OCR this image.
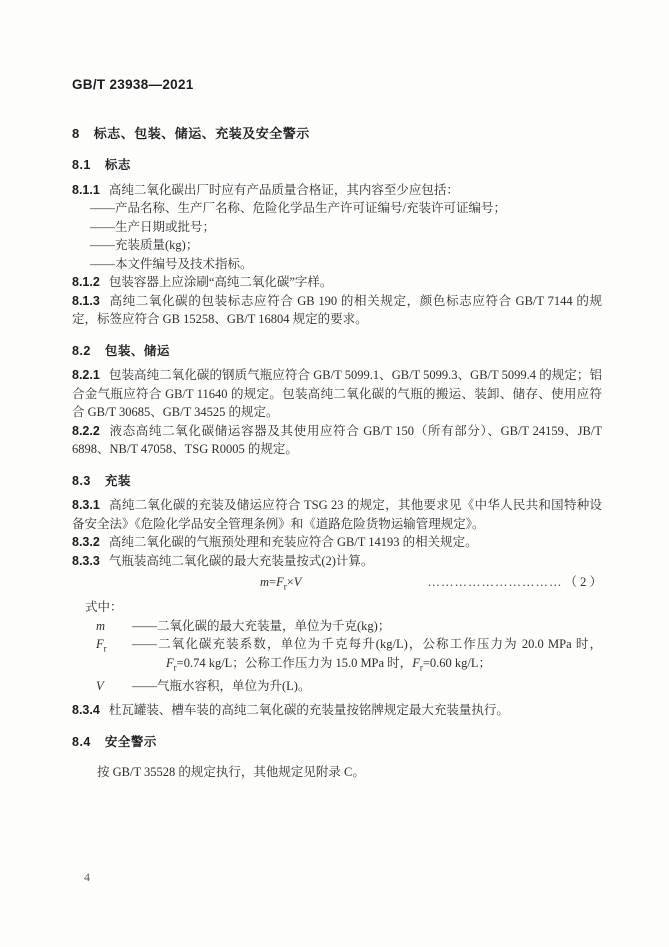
GB/T 23938—2021
8 标志、包装、储运、充装及安全警示
8.1 标志
8.1.1 高纯二氧化碳出厂时应有产品质量合格证，其内容至少应包括：
——产品名称、生产厂名称、危险化学品生产许可证编号/充装许可证编号；
——生产日期或批号；
——充装质量(kg)；
——本文件编号及技术指标。
8.1.2 包装容器上应涂刷“高纯二氧化碳”字样。
8.1.3 高纯二氧化碳的包装标志应符合 GB 190 的相关规定，颜色标志应符合 GB/T 7144 的规定，标签应符合 GB 15258、GB/T 16804 规定的要求。
8.2 包装、储运
8.2.1 包装高纯二氧化碳的钢质气瓶应符合 GB/T 5099.1、GB/T 5099.3、GB/T 5099.4 的规定；铝合金气瓶应符合 GB/T 11640 的规定。包装高纯二氧化碳的气瓶的搬运、装卸、储存、使用应符合 GB/T 30685、GB/T 34525 的规定。
8.2.2 液态高纯二氧化碳储运容器及其使用应符合 GB/T 150（所有部分）、GB/T 24159、JB/T 6898、NB/T 47058、TSG R0005 的规定。
8.3 充装
8.3.1 高纯二氧化碳的充装及储运应符合 TSG 23 的规定，其他要求见《中华人民共和国特种设备安全法》《危险化学品安全管理条例》和《道路危险货物运输管理规定》。
8.3.2 高纯二氧化碳的气瓶预处理和充装应符合 GB/T 14193 的相关规定。
8.3.3 气瓶装高纯二氧化碳的最大充装量按式(2)计算。
$m=F_r\times V$	………………………… （ 2 ）
式中：
m	——二氧化碳的最大充装量，单位为千克(kg)；
$F_r$	——二氧化碳充装系数，单位为千克每升(kg/L)，公称工作压力为 20.0 MPa 时，$F_r=0.74$ kg/L；公称工作压力为 15.0 MPa 时，$F_r=0.60$ kg/L；
V	——气瓶水容积，单位为升(L)。
8.3.4 杜瓦罐装、槽车装的高纯二氧化碳的充装量按铭牌规定最大充装量执行。
8.4 安全警示
按 GB/T 35528 的规定执行，其他规定见附录 C。
4
